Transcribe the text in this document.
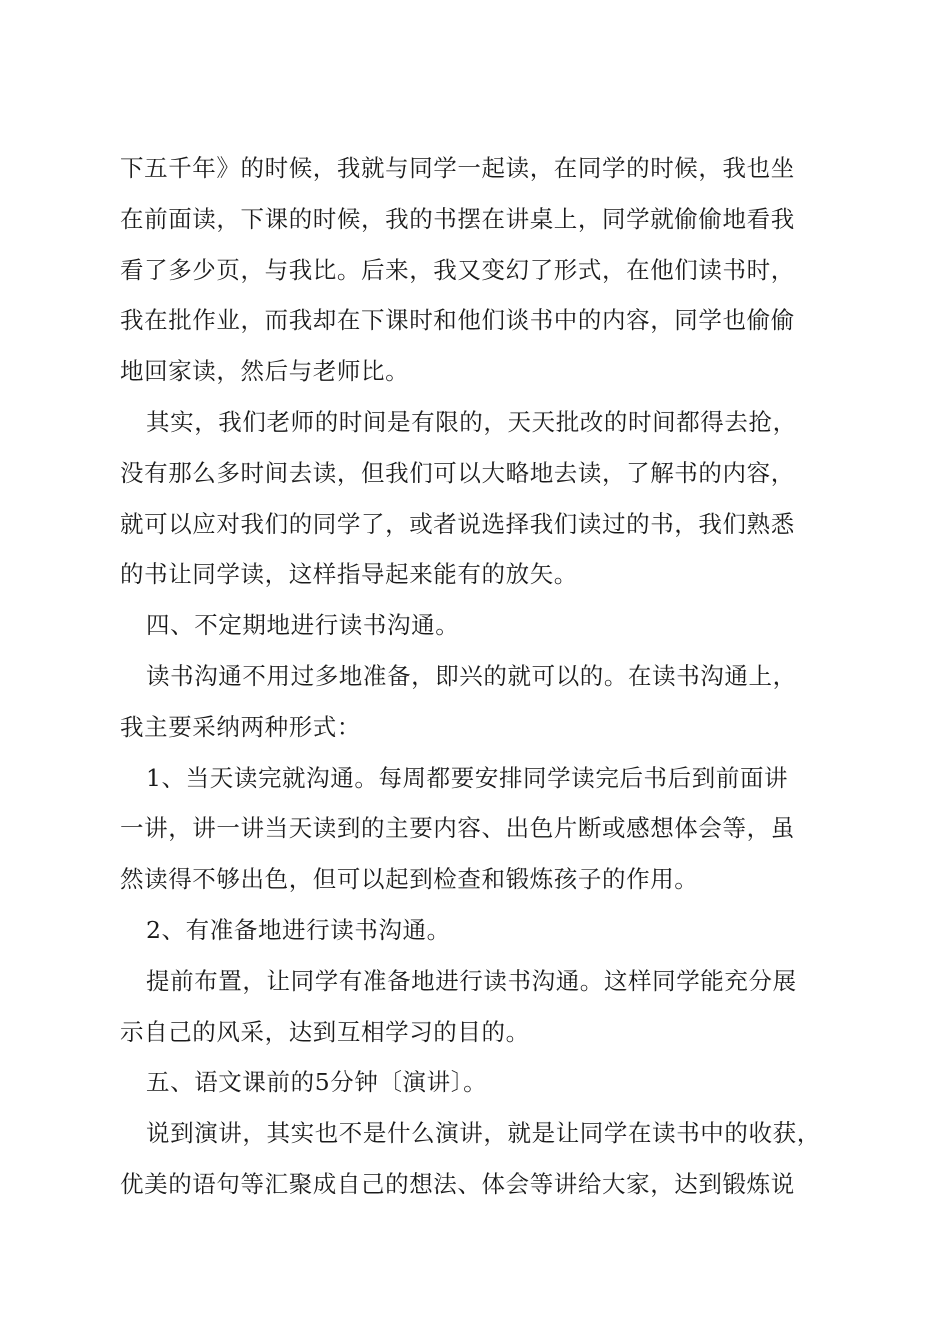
下五千年》的时候，我就与同学一起读，在同学的时候，我也坐
在前面读，下课的时候，我的书摆在讲桌上，同学就偷偷地看我
看了多少页，与我比。后来，我又变幻了形式，在他们读书时，
我在批作业，而我却在下课时和他们谈书中的内容，同学也偷偷
地回家读，然后与老师比。
其实，我们老师的时间是有限的，天天批改的时间都得去抢，
没有那么多时间去读，但我们可以大略地去读，了解书的内容，
就可以应对我们的同学了，或者说选择我们读过的书，我们熟悉
的书让同学读，这样指导起来能有的放矢。
四、不定期地进行读书沟通。
读书沟通不用过多地准备，即兴的就可以的。在读书沟通上，
我主要采纳两种形式：
1、当天读完就沟通。每周都要安排同学读完后书后到前面讲
一讲，讲一讲当天读到的主要内容、出色片断或感想体会等，虽
然读得不够出色，但可以起到检查和锻炼孩子的作用。
2、有准备地进行读书沟通。
提前布置，让同学有准备地进行读书沟通。这样同学能充分展
示自己的风采，达到互相学习的目的。
五、语文课前的5分钟〔演讲〕。
说到演讲，其实也不是什么演讲，就是让同学在读书中的收获，
优美的语句等汇聚成自己的想法、体会等讲给大家，达到锻炼说
